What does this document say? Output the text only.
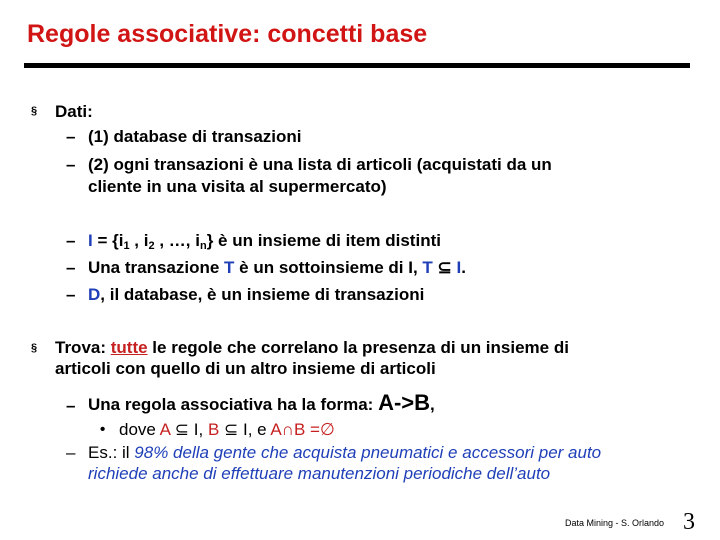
Regole associative: concetti base
§ Dati:
– (1) database di transazioni
– (2) ogni transazioni è una lista di articoli (acquistati da un
cliente in una visita al supermercato)
– $I = \{i_1$ , $i_2$ , …, $i_n$} è un insieme di item distinti
– Una transazione T è un sottoinsieme di I, T ⊆ I.
– D, il database, è un insieme di transazioni
§ Trova: tutte le regole che correlano la presenza di un insieme di
articoli con quello di un altro insieme di articoli
– Una regola associativa ha la forma: A->B,
• dove A ⊆ I, B ⊆ I, e A∩B =∅
– Es.: il 98% della gente che acquista pneumatici e accessori per auto
richiede anche di effettuare manutenzioni periodiche dell’auto
Data Mining - S. Orlando 3
